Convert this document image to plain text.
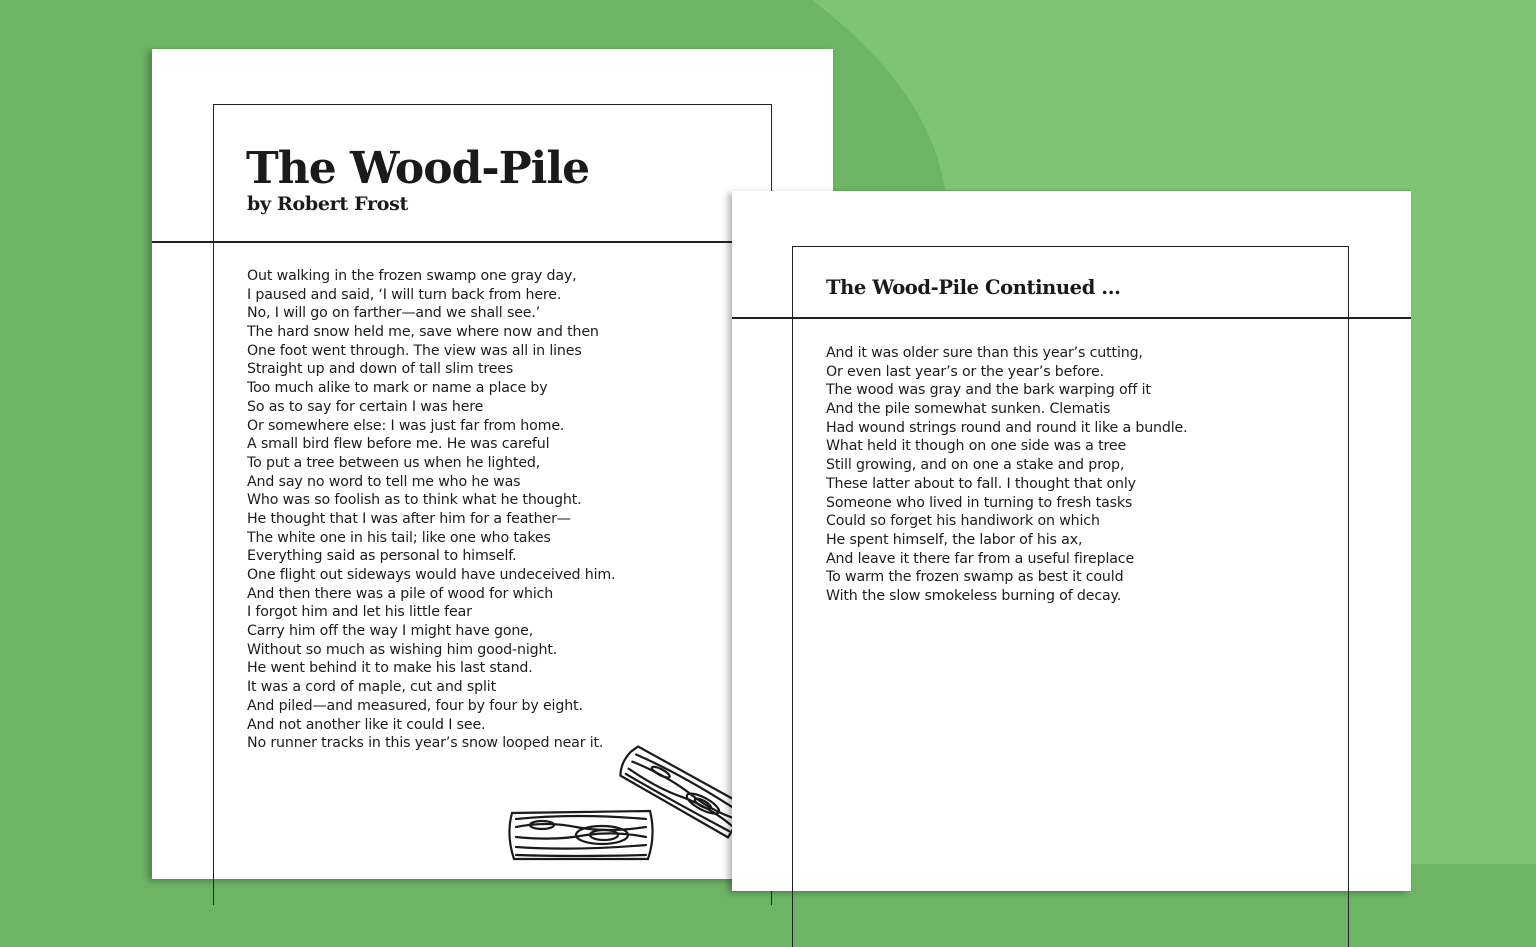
The Wood-Pile
by Robert Frost
Out walking in the frozen swamp one gray day,
I paused and said, ‘I will turn back from here.
No, I will go on farther—and we shall see.’
The hard snow held me, save where now and then
One foot went through. The view was all in lines
Straight up and down of tall slim trees
Too much alike to mark or name a place by
So as to say for certain I was here
Or somewhere else: I was just far from home.
A small bird flew before me. He was careful
To put a tree between us when he lighted,
And say no word to tell me who he was
Who was so foolish as to think what he thought.
He thought that I was after him for a feather—
The white one in his tail; like one who takes
Everything said as personal to himself.
One flight out sideways would have undeceived him.
And then there was a pile of wood for which
I forgot him and let his little fear
Carry him off the way I might have gone,
Without so much as wishing him good-night.
He went behind it to make his last stand.
It was a cord of maple, cut and split
And piled—and measured, four by four by eight.
And not another like it could I see.
No runner tracks in this year’s snow looped near it.
The Wood-Pile Continued ...
And it was older sure than this year’s cutting,
Or even last year’s or the year’s before.
The wood was gray and the bark warping off it
And the pile somewhat sunken. Clematis
Had wound strings round and round it like a bundle.
What held it though on one side was a tree
Still growing, and on one a stake and prop,
These latter about to fall. I thought that only
Someone who lived in turning to fresh tasks
Could so forget his handiwork on which
He spent himself, the labor of his ax,
And leave it there far from a useful fireplace
To warm the frozen swamp as best it could
With the slow smokeless burning of decay.
